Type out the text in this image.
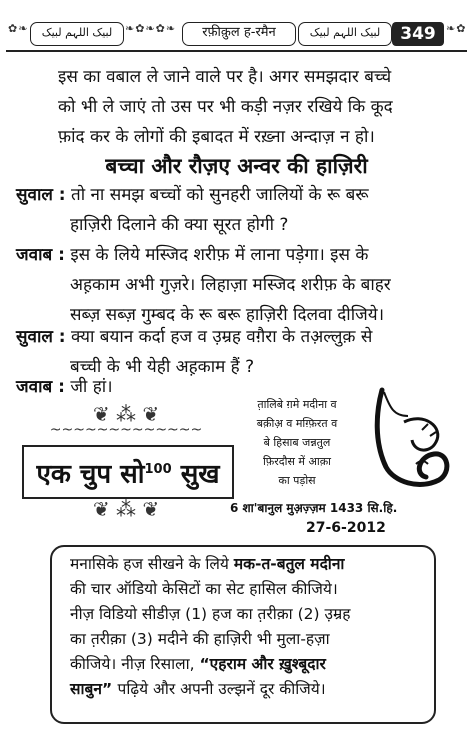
✿❧	لبیک اللہم لبیک	❧✿❧✿❧	रफ़ीक़ुल ह-रमैन	لبیک اللہم لبیک	349 ❧✿
इस का वबाल ले जाने वाले पर है। अगर समझदार बच्चे
को भी ले जाएं तो उस पर भी कड़ी नज़र रखिये कि कूद
फ़ांद कर के लोगों की इबादत में रख़्ना अन्दाज़ न हो।
बच्चा और रौज़ए अन्वर की हाज़िरी
सुवाल : तो ना समझ बच्चों को सुनहरी जालियों के रू बरू
हाज़िरी दिलाने की क्या सूरत होगी ?
जवाब : इस के लिये मस्जिद शरीफ़ में लाना पड़ेगा। इस के
अह़काम अभी गुज़रे। लिहाज़ा मस्जिद शरीफ़ के बाहर
सब्ज़ सब्ज़ गुम्बद के रू बरू हाज़िरी दिलवा दीजिये।
सुवाल : क्या बयान कर्दा हज व उ़म्रह वग़ैरा के तअ़ल्लुक़ से
बच्ची के भी येही अह़काम हैं ?
जवाब : जी हां।
❦ ⁂ ❦
~~~~~~~~~~~~~
एक चुप सो$^{100}$ सुख
❦ ⁂ ❦
त़ालिबे ग़मे मदीना व
बक़ीअ़ व मग़्फ़िरत व
बे हिसाब जन्नतुल
फ़िरदौस में आक़ा
का पड़ोस
6 शा'बानुल मुअ़ज़्ज़म 1433 सि.हि.
27-6-2012
मनासिके हज सीखने के लिये मक-त-बतुल मदीना
की चार ऑडियो केसिटों का सेट हासिल कीजिये।
नीज़ विडियो सीडीज़ (1) हज का त़रीक़ा (2) उ़म्रह
का त़रीक़ा (3) मदीने की हाज़िरी भी मुला-हज़ा
कीजिये। नीज़ रिसाला, “एहराम और ख़ुश्बूदार
साबुन” पढ़िये और अपनी उल्झनें दूर कीजिये।
